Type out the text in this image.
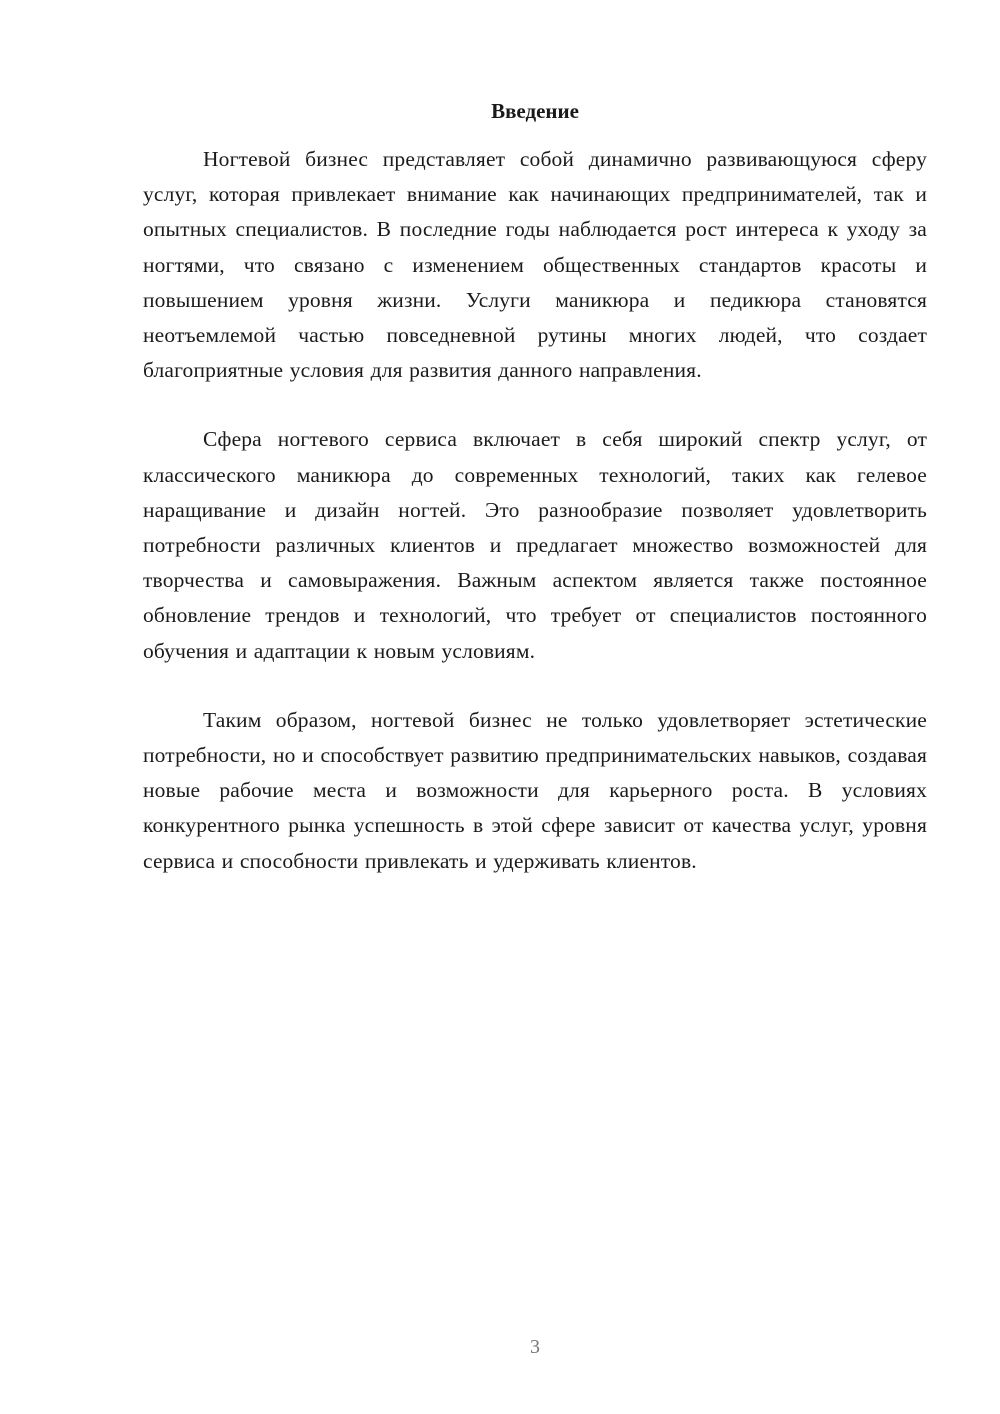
Введение

Ногтевой бизнес представляет собой динамично развивающуюся сферу услуг, которая привлекает внимание как начинающих предпринимателей, так и опытных специалистов. В последние годы наблюдается рост интереса к уходу за ногтями, что связано с изменением общественных стандартов красоты и повышением уровня жизни. Услуги маникюра и педикюра становятся неотъемлемой частью повседневной рутины многих людей, что создает благоприятные условия для развития данного направления.

Сфера ногтевого сервиса включает в себя широкий спектр услуг, от классического маникюра до современных технологий, таких как гелевое наращивание и дизайн ногтей. Это разнообразие позволяет удовлетворить потребности различных клиентов и предлагает множество возможностей для творчества и самовыражения. Важным аспектом является также постоянное обновление трендов и технологий, что требует от специалистов постоянного обучения и адаптации к новым условиям.

Таким образом, ногтевой бизнес не только удовлетворяет эстетические потребности, но и способствует развитию предпринимательских навыков, создавая новые рабочие места и возможности для карьерного роста. В условиях конкурентного рынка успешность в этой сфере зависит от качества услуг, уровня сервиса и способности привлекать и удерживать клиентов.

3
